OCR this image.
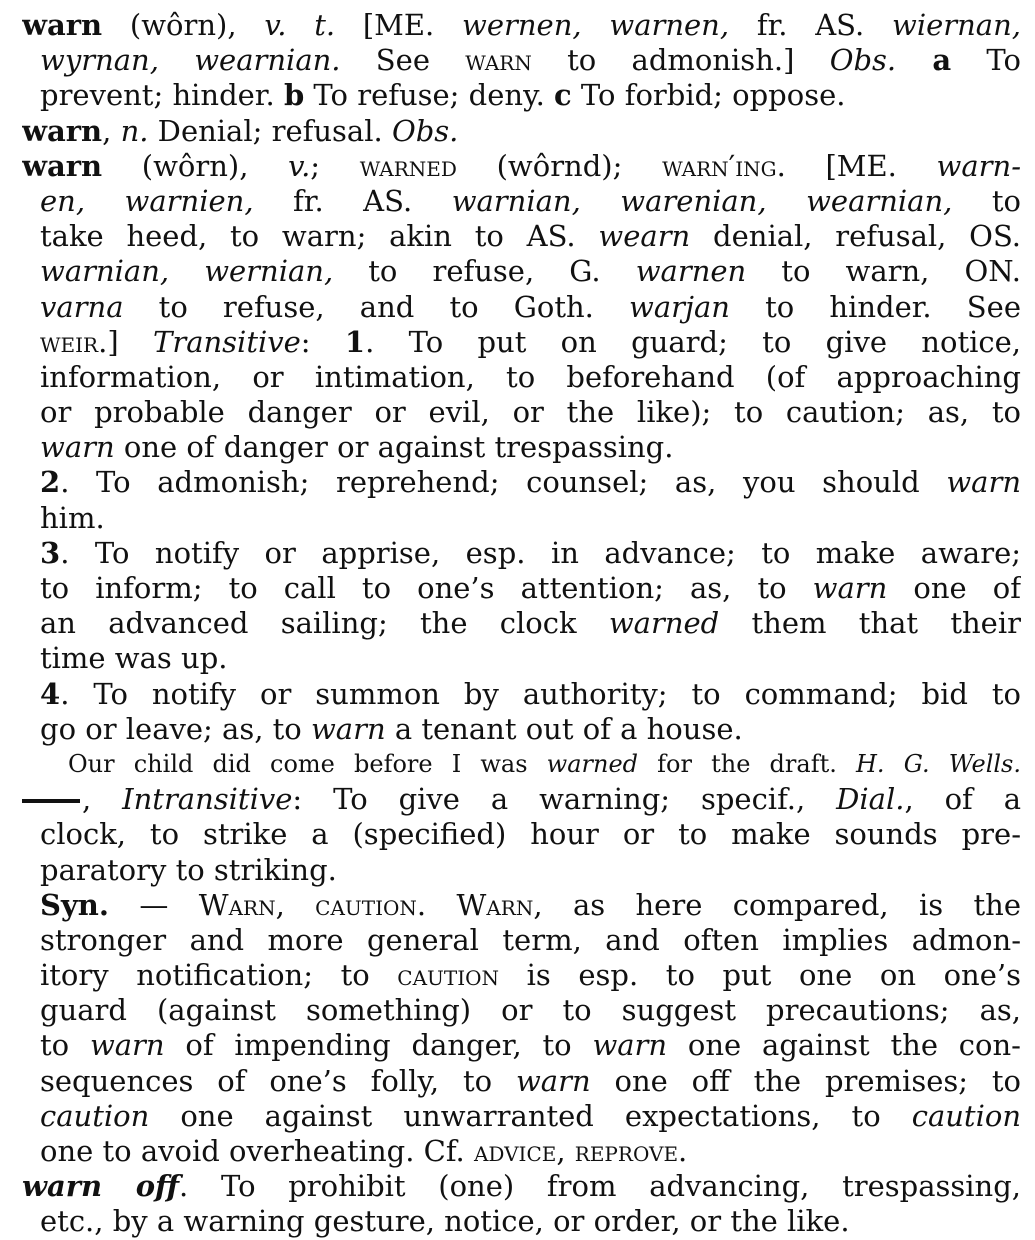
warn (wôrn), v. t. [ME. wernen, warnen, fr. AS. wiernan,
wyrnan, wearnian. See warn to admonish.] Obs. a To
prevent; hinder. b To refuse; deny. c To forbid; oppose.
warn, n. Denial; refusal. Obs.
warn (wôrn), v.; warned (wôrnd); warn′ing. [ME. warn-
en, warnien, fr. AS. warnian, warenian, wearnian, to
take heed, to warn; akin to AS. wearn denial, refusal, OS.
warnian, wernian, to refuse, G. warnen to warn, ON.
varna to refuse, and to Goth. warjan to hinder. See
weir.] Transitive: 1. To put on guard; to give notice,
information, or intimation, to beforehand (of approaching
or probable danger or evil, or the like); to caution; as, to
warn one of danger or against trespassing.
2. To admonish; reprehend; counsel; as, you should warn
him.
3. To notify or apprise, esp. in advance; to make aware;
to inform; to call to one’s attention; as, to warn one of
an advanced sailing; the clock warned them that their
time was up.
4. To notify or summon by authority; to command; bid to
go or leave; as, to warn a tenant out of a house.
Our child did come before I was warned for the draft. H. G. Wells.
, Intransitive: To give a warning; specif., Dial., of a
clock, to strike a (specified) hour or to make sounds pre-
paratory to striking.
Syn. — Warn, caution. Warn, as here compared, is the
stronger and more general term, and often implies admon-
itory notification; to caution is esp. to put one on one’s
guard (against something) or to suggest precautions; as,
to warn of impending danger, to warn one against the con-
sequences of one’s folly, to warn one off the premises; to
caution one against unwarranted expectations, to caution
one to avoid overheating. Cf. advice, reprove.
warn off. To prohibit (one) from advancing, trespassing,
etc., by a warning gesture, notice, or order, or the like.
